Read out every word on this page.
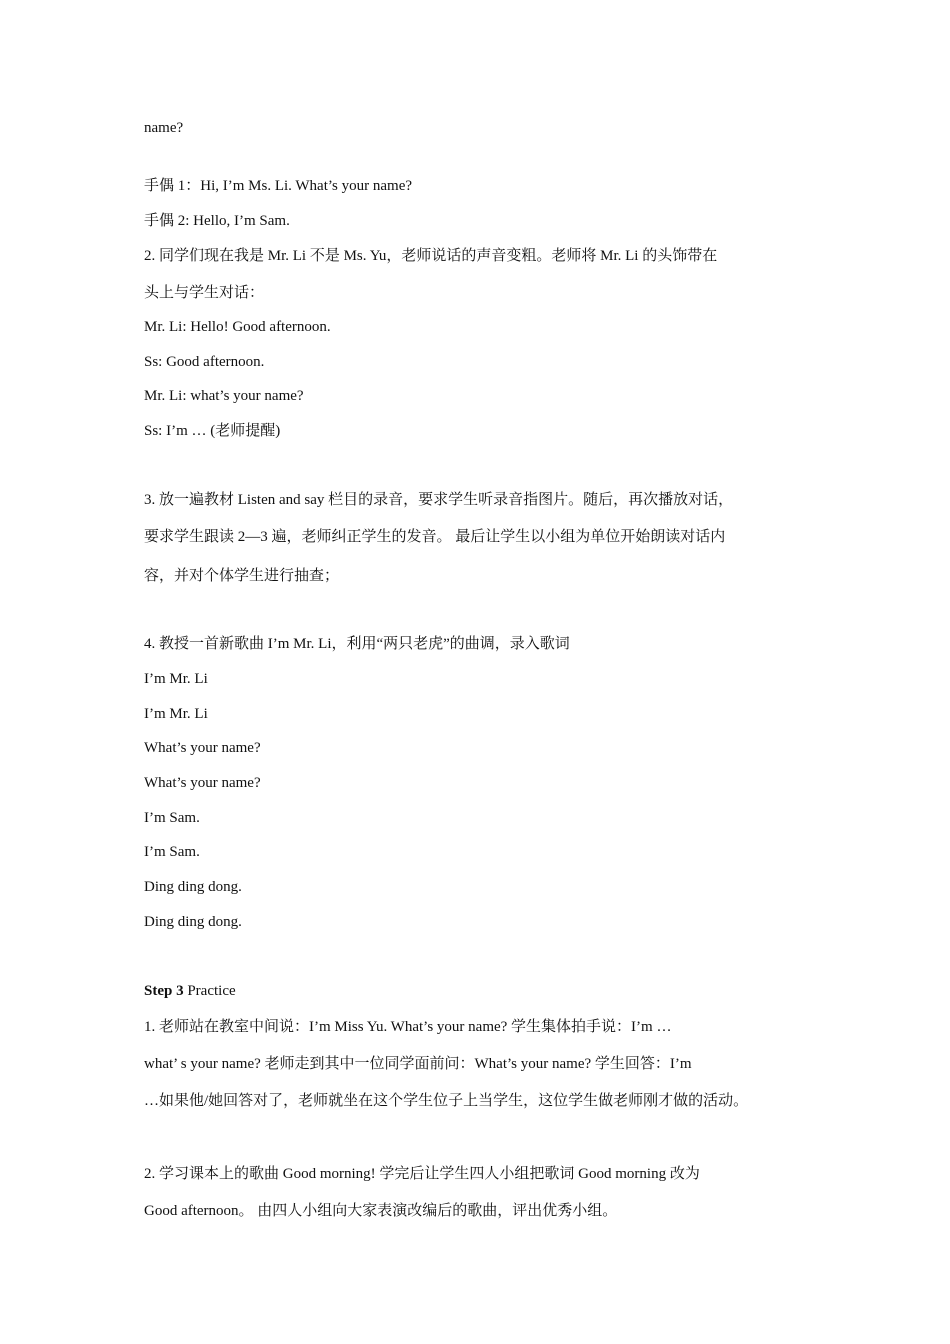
name?

手偶 1：Hi, I’m Ms. Li. What’s your name?

手偶 2: Hello, I’m Sam.

2. 同学们现在我是 Mr. Li 不是 Ms. Yu，老师说话的声音变粗。老师将 Mr. Li 的头饰带在

头上与学生对话：

Mr. Li: Hello! Good afternoon.

Ss: Good afternoon.

Mr. Li: what’s your name?

Ss: I’m … (老师提醒)

3. 放一遍教材 Listen and say 栏目的录音，要求学生听录音指图片。随后，再次播放对话，

要求学生跟读 2—3 遍，老师纠正学生的发音。 最后让学生以小组为单位开始朗读对话内

容，并对个体学生进行抽查；

4. 教授一首新歌曲 I’m Mr. Li，利用“两只老虎”的曲调，录入歌词

I’m Mr. Li

I’m Mr. Li

What’s your name?

What’s your name?

I’m Sam.

I’m Sam.

Ding ding dong.

Ding ding dong.

Step 3 Practice

1. 老师站在教室中间说：I’m Miss Yu. What’s your name? 学生集体拍手说：I’m …

what’ s your name? 老师走到其中一位同学面前问：What’s your name? 学生回答：I’m

…如果他/她回答对了，老师就坐在这个学生位子上当学生，这位学生做老师刚才做的活动。

2. 学习课本上的歌曲 Good morning! 学完后让学生四人小组把歌词 Good morning 改为

Good afternoon。 由四人小组向大家表演改编后的歌曲，评出优秀小组。
